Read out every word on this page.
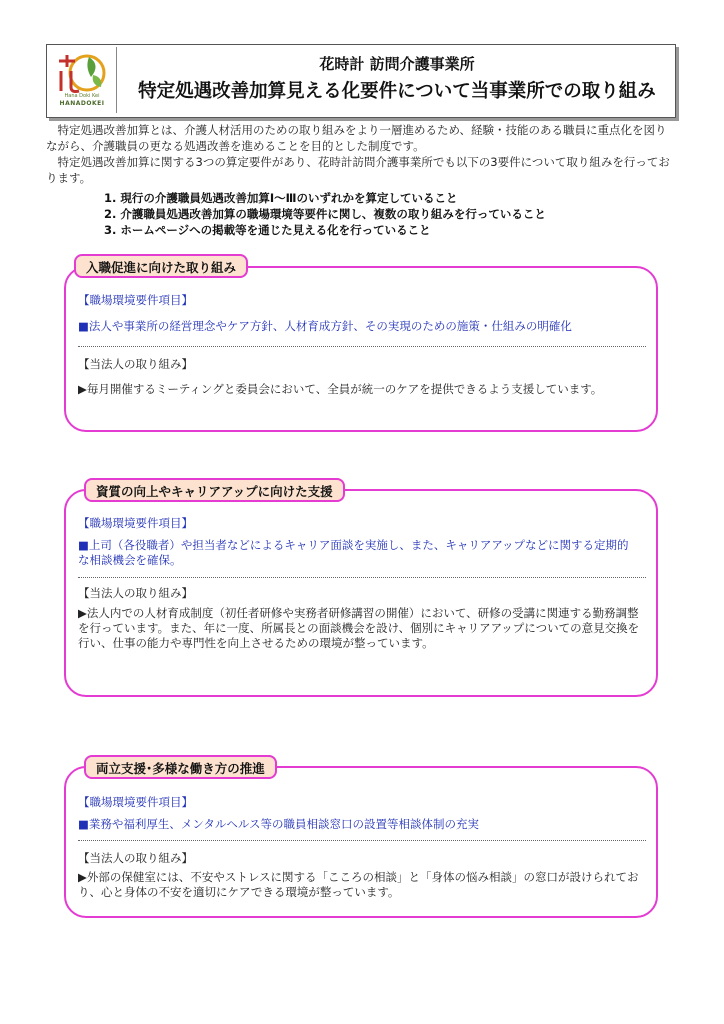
Hana Doki Kei
HANADOKEI
花時計 訪問介護事業所
特定処遇改善加算見える化要件について当事業所での取り組み

特定処遇改善加算とは、介護人材活用のための取り組みをより一層進めるため、経験・技能のある職員に重点化を図りながら、介護職員の更なる処遇改善を進めることを目的とした制度です。

特定処遇改善加算に関する3つの算定要件があり、花時計訪問介護事業所でも以下の3要件について取り組みを行っております。

1. 現行の介護職員処遇改善加算Ⅰ～Ⅲのいずれかを算定していること
2. 介護職員処遇改善加算の職場環境等要件に関し、複数の取り組みを行っていること
3. ホームページへの掲載等を通じた見える化を行っていること
【職場環境要件項目】
■法人や事業所の経営理念やケア方針、人材育成方針、その実現のための施策・仕組みの明確化
【当法人の取り組み】
▶毎月開催するミーティングと委員会において、全員が統一のケアを提供できるよう支援しています。
入職促進に向けた取り組み
【職場環境要件項目】
■上司（各役職者）や担当者などによるキャリア面談を実施し、また、キャリアアップなどに関する定期的な相談機会を確保。
【当法人の取り組み】
▶法人内での人材育成制度（初任者研修や実務者研修講習の開催）において、研修の受講に関連する勤務調整を行っています。また、年に一度、所属長との面談機会を設け、個別にキャリアアップについての意見交換を行い、仕事の能力や専門性を向上させるための環境が整っています。
資質の向上やキャリアアップに向けた支援
【職場環境要件項目】
■業務や福利厚生、メンタルヘルス等の職員相談窓口の設置等相談体制の充実
【当法人の取り組み】
▶外部の保健室には、不安やストレスに関する「こころの相談」と「身体の悩み相談」の窓口が設けられており、心と身体の不安を適切にケアできる環境が整っています。
両立支援･多様な働き方の推進
